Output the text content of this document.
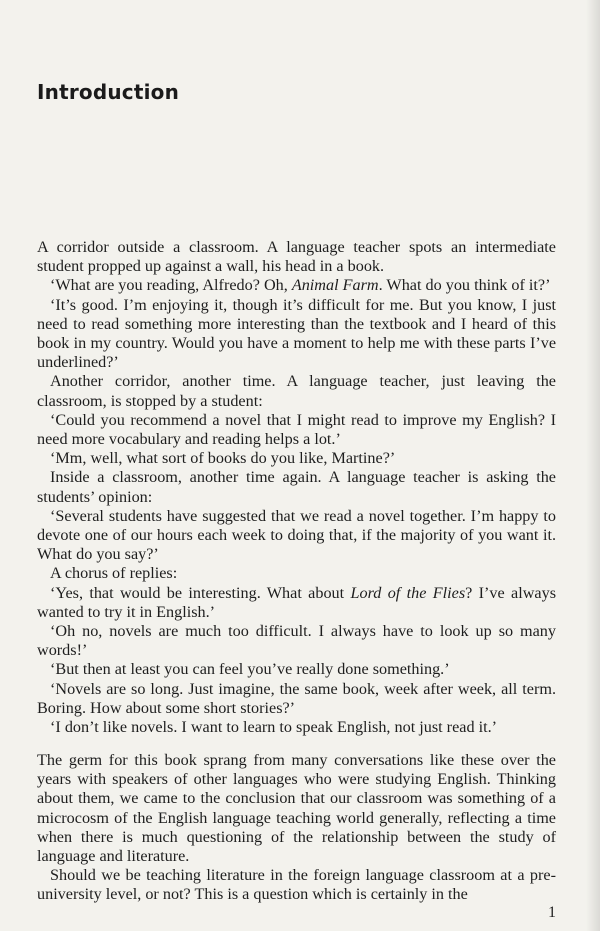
Introduction

A corridor outside a classroom. A language teacher spots an intermediate student propped up against a wall, his head in a book.

‘What are you reading, Alfredo? Oh, Animal Farm. What do you think of it?’

‘It’s good. I’m enjoying it, though it’s difficult for me. But you know, I just need to read something more interesting than the textbook and I heard of this book in my country. Would you have a moment to help me with these parts I’ve underlined?’

Another corridor, another time. A language teacher, just leaving the classroom, is stopped by a student:

‘Could you recommend a novel that I might read to improve my English? I need more vocabulary and reading helps a lot.’

‘Mm, well, what sort of books do you like, Martine?’

Inside a classroom, another time again. A language teacher is asking the students’ opinion:

‘Several students have suggested that we read a novel together. I’m happy to devote one of our hours each week to doing that, if the majority of you want it. What do you say?’

A chorus of replies:

‘Yes, that would be interesting. What about Lord of the Flies? I’ve always wanted to try it in English.’

‘Oh no, novels are much too difficult. I always have to look up so many words!’

‘But then at least you can feel you’ve really done something.’

‘Novels are so long. Just imagine, the same book, week after week, all term. Boring. How about some short stories?’

‘I don’t like novels. I want to learn to speak English, not just read it.’

The germ for this book sprang from many conversations like these over the years with speakers of other languages who were studying English. Thinking about them, we came to the conclusion that our classroom was something of a microcosm of the English language teaching world generally, reflecting a time when there is much questioning of the relationship between the study of language and literature.

Should we be teaching literature in the foreign language classroom at a pre-university level, or not? This is a question which is certainly in the

1
